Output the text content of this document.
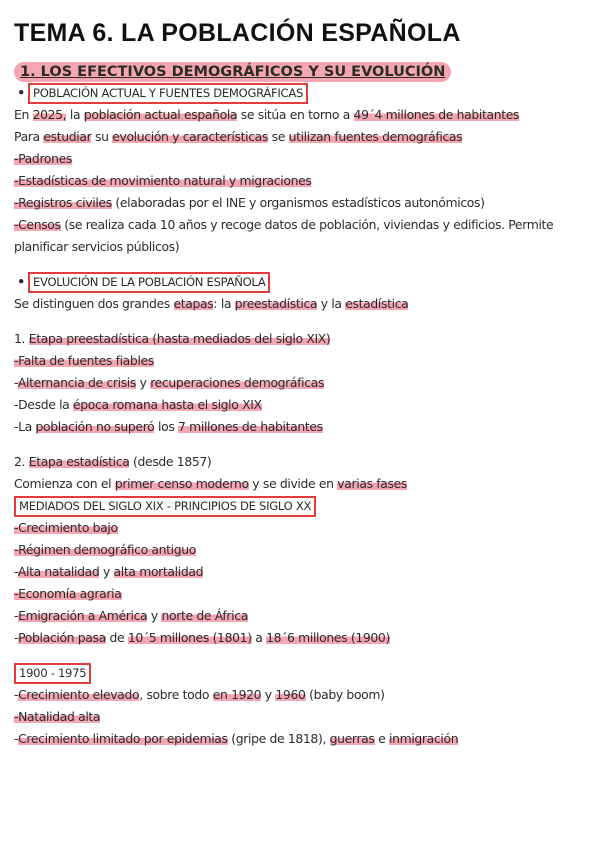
TEMA 6. LA POBLACIÓN ESPAÑOLA
1. LOS EFECTIVOS DEMOGRÁFICOS Y SU EVOLUCIÓN
• POBLACIÓN ACTUAL Y FUENTES DEMOGRÁFICAS
En 2025, la población actual española se sitúa en torno a 49´4 millones de habitantes
Para estudiar su evolución y características se utilizan fuentes demográficas
-Padrones
-Estadísticas de movimiento natural y migraciones
-Registros civiles (elaboradas por el INE y organismos estadísticos autonómicos)
-Censos (se realiza cada 10 años y recoge datos de población, viviendas y edificios. Permite planificar servicios públicos)
• EVOLUCIÓN DE LA POBLACIÓN ESPAÑOLA
Se distinguen dos grandes etapas: la preestadística y la estadística
1. Etapa preestadística (hasta mediados del siglo XIX)
-Falta de fuentes fiables
-Alternancia de crisis y recuperaciones demográficas
-Desde la época romana hasta el siglo XIX
-La población no superó los 7 millones de habitantes
2. Etapa estadística (desde 1857)
Comienza con el primer censo moderno y se divide en varias fases
MEDIADOS DEL SIGLO XIX - PRINCIPIOS DE SIGLO XX
-Crecimiento bajo
-Régimen demográfico antiguo
-Alta natalidad y alta mortalidad
-Economía agraria
-Emigración a América y norte de África
-Población pasa de 10´5 millones (1801) a 18´6 millones (1900)
1900 - 1975
-Crecimiento elevado, sobre todo en 1920 y 1960 (baby boom)
-Natalidad alta
-Crecimiento limitado por epidemias (gripe de 1818), guerras e inmigración
